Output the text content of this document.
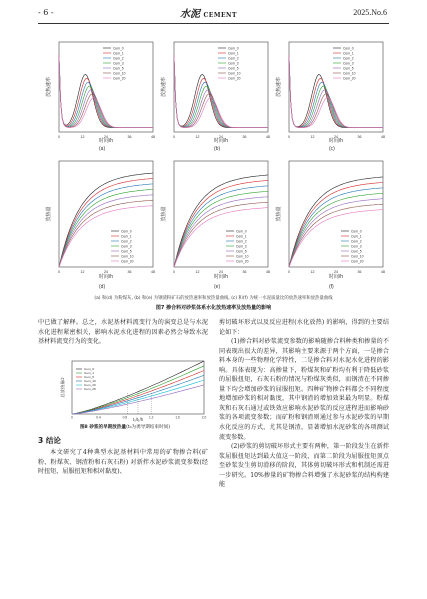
- 6 -	水泥 CEMENT	2025.No.6
时间/h
放热速率
0	12	24	36	48
Cem_0
Cem_1
Cem_2
Cem_3
Cem_5
Cem_10
Cem_20
时间/h
放热速率
0	12	24	36	48
Cem_0
Cem_1
Cem_2
Cem_3
Cem_5
Cem_10
Cem_20
时间/h
放热速率
0	12	24	36	48
Cem_0
Cem_1
Cem_2
Cem_3
Cem_5
Cem_10
Cem_20
(a)	(b)	(c)
时间/h
放热量
0	12	24	36	48
Cem_0
Cem_1
Cem_2
Cem_3
Cem_5
Cem_10
Cem_20
时间/h
放热量
0	12	24	36	48
Cem_0
Cem_1
Cem_2
Cem_3
Cem_5
Cem_10
Cem_20
时间/h
放热量
0	12	24	36	48
Cem_0
Cem_1
Cem_2
Cem_3
Cem_5
Cem_10
Cem_20
(d)	(e)	(f)
(a) 和(d) 为粉煤灰, (b) 和(e) 为钢渣粉矿石的放热速率和放热量曲线, (c) 和(f) 为统一水泥质量比的放热速率和放热量曲线
图7 掺合料对砂浆体系水化放热速率及放热量的影响

中已做了解释。总之，水泥基材料流变行为的演变总是与水泥水化进程紧密相关，影响水泥水化进程的因素必然会导致水泥基材料流变行为的变化。

总放热量/J
t₀/t₁/h
0	0.4	0.8	1.2	1.6	2.0
Cem_0
Cem_1
Cem_5
Cem_10
Cem_20
Cem_25
图8 砂浆的早期放热量(t₀为诱导期结束时间)
3 结论

本文研究了4种典型水泥基材料中常用的矿物掺合料(矿粉、粉煤灰、钢渣粉和石灰石粉) 对新拌水泥砂浆流变参数(经时扭矩、屈服扭矩和相对黏度)、

剪切破坏形式以及反应进程(水化放热) 的影响，得到的主要结论如下：

(1)掺合料对砂浆流变参数的影响随掺合料种类和掺量的不同表现出很大的差异，其影响主要来源于两个方面，一是掺合料本身的一些物理化学特性，二是掺合料对水泥水化进程的影响。具体表现为：高掺量下，粉煤灰和矿粉均有利于降低砂浆的屈服扭矩，石灰石粉的情况与粉煤灰类似，而钢渣在不同掺量下均会增加砂浆的屈服扭矩。四种矿物掺合料都会不同程度地增加砂浆的相对黏度，其中钢渣的增加效果最为明显。粉煤灰和石灰石通过或铁效应影响水泥砂浆的反应进程进而影响砂浆的各项流变参数；而矿粉和钢渣则通过参与水泥砂浆的早期水化反应的方式，尤其是钢渣，显著增加水泥砂浆的各项测试流变参数。

(2)砂浆的剪切破坏形式主要有两种，第一阶段发生在新拌浆屈服扭矩达到最大值这一阶段，而第二阶段为屈服扭矩顶点至砂浆发生剪切滑移的阶段，其体剪切破坏形式和机制还需进一步研究。10%掺量的矿物掺合料增强了水泥砂浆的结构构建能
